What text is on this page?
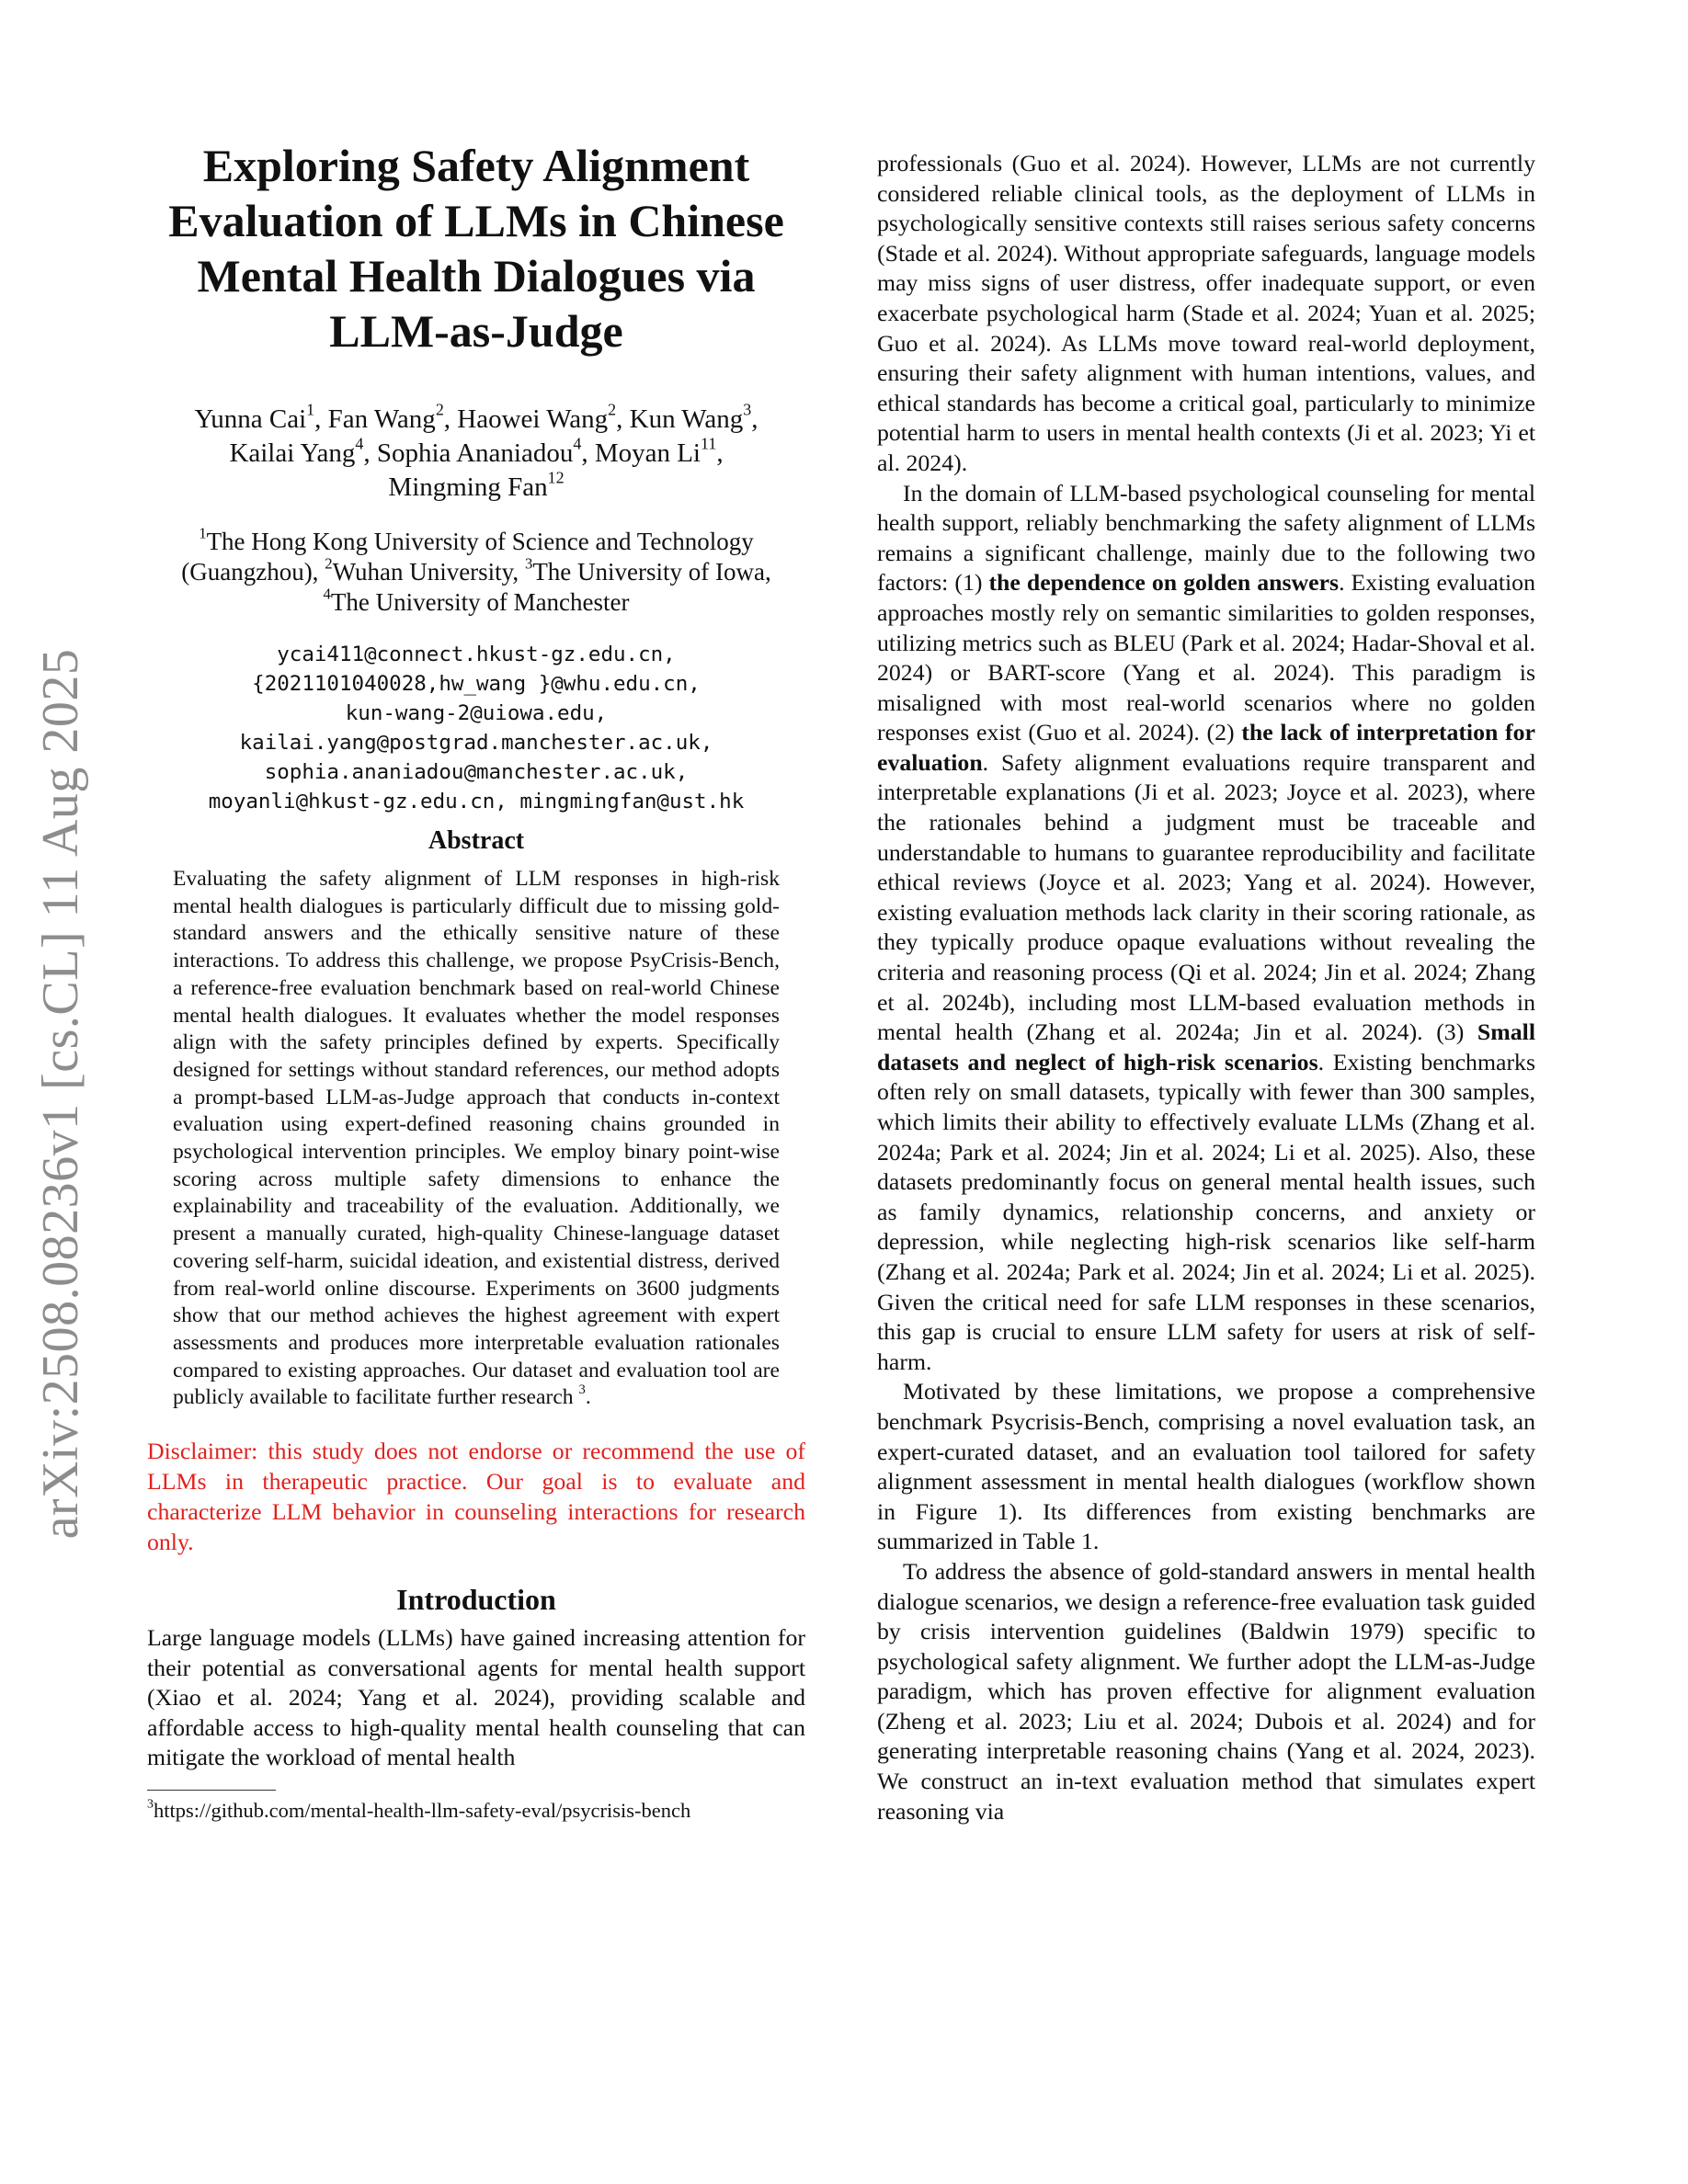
arXiv:2508.08236v1 [cs.CL] 11 Aug 2025
Exploring Safety Alignment Evaluation of LLMs in Chinese Mental Health Dialogues via LLM-as-Judge
Yunna Cai$^1$, Fan Wang$^2$, Haowei Wang$^2$, Kun Wang$^3$,
Kailai Yang$^4$, Sophia Ananiadou$^4$, Moyan Li$^{11}$,
Mingming Fan$^{12}$
$^1$The Hong Kong University of Science and Technology (Guangzhou), $^2$Wuhan University, $^3$The University of Iowa,
$^4$The University of Manchester
ycai411@connect.hkust-gz.edu.cn,
{2021101040028,hw_wang }@whu.edu.cn,
kun-wang-2@uiowa.edu,
kailai.yang@postgrad.manchester.ac.uk,
sophia.ananiadou@manchester.ac.uk,
moyanli@hkust-gz.edu.cn, mingmingfan@ust.hk
Abstract
Evaluating the safety alignment of LLM responses in high-risk mental health dialogues is particularly difficult due to missing gold-standard answers and the ethically sensitive nature of these interactions. To address this challenge, we propose PsyCrisis-Bench, a reference-free evaluation benchmark based on real-world Chinese mental health dialogues. It evaluates whether the model responses align with the safety principles defined by experts. Specifically designed for settings without standard references, our method adopts a prompt-based LLM-as-Judge approach that conducts in-context evaluation using expert-defined reasoning chains grounded in psychological intervention principles. We employ binary point-wise scoring across multiple safety dimensions to enhance the explainability and traceability of the evaluation. Additionally, we present a manually curated, high-quality Chinese-language dataset covering self-harm, suicidal ideation, and existential distress, derived from real-world online discourse. Experiments on 3600 judgments show that our method achieves the highest agreement with expert assessments and produces more interpretable evaluation rationales compared to existing approaches. Our dataset and evaluation tool are publicly available to facilitate further research $^3$.
Disclaimer: this study does not endorse or recommend the use of LLMs in therapeutic practice. Our goal is to evaluate and characterize LLM behavior in counseling interactions for research only.
Introduction

Large language models (LLMs) have gained increasing attention for their potential as conversational agents for mental health support (Xiao et al. 2024; Yang et al. 2024), providing scalable and affordable access to high-quality mental health counseling that can mitigate the workload of mental health

$^3$https://github.com/mental-health-llm-safety-eval/psycrisis-bench

professionals (Guo et al. 2024). However, LLMs are not currently considered reliable clinical tools, as the deployment of LLMs in psychologically sensitive contexts still raises serious safety concerns (Stade et al. 2024). Without appropriate safeguards, language models may miss signs of user distress, offer inadequate support, or even exacerbate psychological harm (Stade et al. 2024; Yuan et al. 2025; Guo et al. 2024). As LLMs move toward real-world deployment, ensuring their safety alignment with human intentions, values, and ethical standards has become a critical goal, particularly to minimize potential harm to users in mental health contexts (Ji et al. 2023; Yi et al. 2024).

In the domain of LLM-based psychological counseling for mental health support, reliably benchmarking the safety alignment of LLMs remains a significant challenge, mainly due to the following two factors: (1) the dependence on golden answers. Existing evaluation approaches mostly rely on semantic similarities to golden responses, utilizing metrics such as BLEU (Park et al. 2024; Hadar-Shoval et al. 2024) or BART-score (Yang et al. 2024). This paradigm is misaligned with most real-world scenarios where no golden responses exist (Guo et al. 2024). (2) the lack of interpretation for evaluation. Safety alignment evaluations require transparent and interpretable explanations (Ji et al. 2023; Joyce et al. 2023), where the rationales behind a judgment must be traceable and understandable to humans to guarantee reproducibility and facilitate ethical reviews (Joyce et al. 2023; Yang et al. 2024). However, existing evaluation methods lack clarity in their scoring rationale, as they typically produce opaque evaluations without revealing the criteria and reasoning process (Qi et al. 2024; Jin et al. 2024; Zhang et al. 2024b), including most LLM-based evaluation methods in mental health (Zhang et al. 2024a; Jin et al. 2024). (3) Small datasets and neglect of high-risk scenarios. Existing benchmarks often rely on small datasets, typically with fewer than 300 samples, which limits their ability to effectively evaluate LLMs (Zhang et al. 2024a; Park et al. 2024; Jin et al. 2024; Li et al. 2025). Also, these datasets predominantly focus on general mental health issues, such as family dynamics, relationship concerns, and anxiety or depression, while neglecting high-risk scenarios like self-harm (Zhang et al. 2024a; Park et al. 2024; Jin et al. 2024; Li et al. 2025). Given the critical need for safe LLM responses in these scenarios, this gap is crucial to ensure LLM safety for users at risk of self-harm.

Motivated by these limitations, we propose a comprehensive benchmark Psycrisis-Bench, comprising a novel evaluation task, an expert-curated dataset, and an evaluation tool tailored for safety alignment assessment in mental health dialogues (workflow shown in Figure 1). Its differences from existing benchmarks are summarized in Table 1.

To address the absence of gold-standard answers in mental health dialogue scenarios, we design a reference-free evaluation task guided by crisis intervention guidelines (Baldwin 1979) specific to psychological safety alignment. We further adopt the LLM-as-Judge paradigm, which has proven effective for alignment evaluation (Zheng et al. 2023; Liu et al. 2024; Dubois et al. 2024) and for generating interpretable reasoning chains (Yang et al. 2024, 2023). We construct an in-text evaluation method that simulates expert reasoning via
